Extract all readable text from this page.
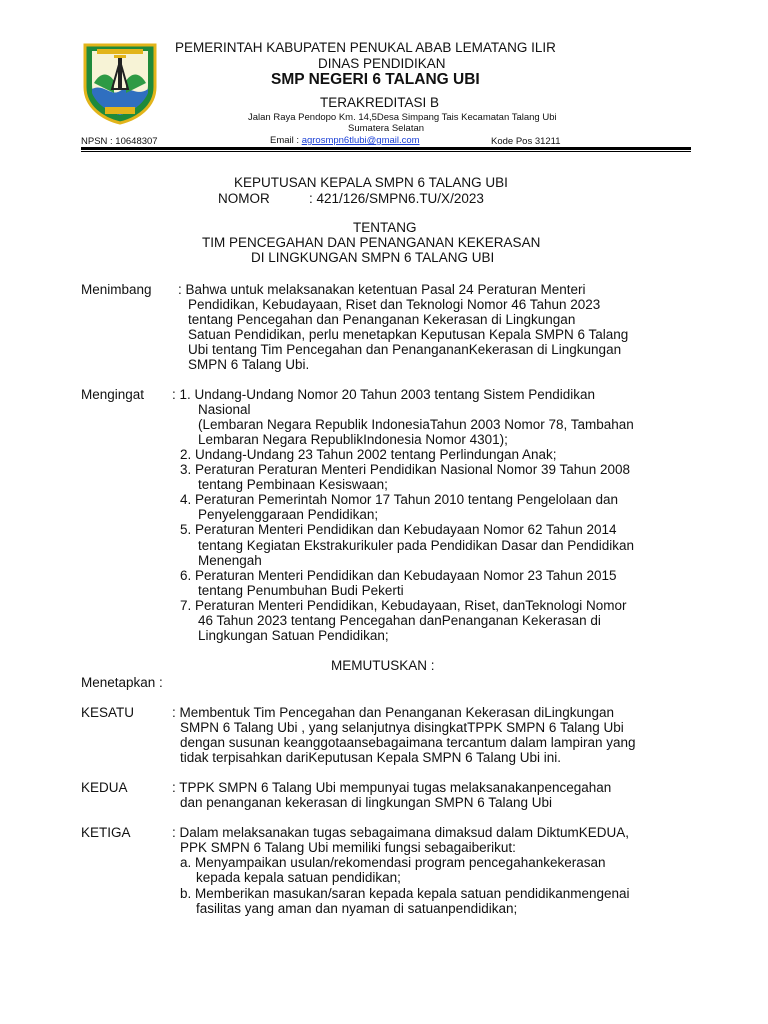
PEMERINTAH KABUPATEN PENUKAL ABAB LEMATANG ILIR
DINAS PENDIDIKAN
SMP NEGERI 6 TALANG UBI
TERAKREDITASI B
Jalan Raya Pendopo Km. 14,5Desa Simpang Tais Kecamatan Talang Ubi
Sumatera Selatan
NPSN : 10648307	Email : agrosmpn6tlubi@gmail.com	Kode Pos 31211
KEPUTUSAN KEPALA SMPN 6 TALANG UBI
NOMOR	: 421/126/SMPN6.TU/X/2023
TENTANG
TIM PENCEGAHAN DAN PENANGANAN KEKERASAN
DI LINGKUNGAN SMPN 6 TALANG UBI
Menimbang : Bahwa untuk melaksanakan ketentuan Pasal 24 Peraturan Menteri
Pendidikan, Kebudayaan, Riset dan Teknologi Nomor 46 Tahun 2023
tentang Pencegahan dan Penanganan Kekerasan di Lingkungan
Satuan Pendidikan, perlu menetapkan Keputusan Kepala SMPN 6 Talang
Ubi tentang Tim Pencegahan dan PenangananKekerasan di Lingkungan
SMPN 6 Talang Ubi.
Mengingat : 1. Undang-Undang Nomor 20 Tahun 2003 tentang Sistem Pendidikan
Nasional
(Lembaran Negara Republik IndonesiaTahun 2003 Nomor 78, Tambahan
Lembaran Negara RepublikIndonesia Nomor 4301);
2. Undang-Undang 23 Tahun 2002 tentang Perlindungan Anak;
3. Peraturan Peraturan Menteri Pendidikan Nasional Nomor 39 Tahun 2008
tentang Pembinaan Kesiswaan;
4. Peraturan Pemerintah Nomor 17 Tahun 2010 tentang Pengelolaan dan
Penyelenggaraan Pendidikan;
5. Peraturan Menteri Pendidikan dan Kebudayaan Nomor 62 Tahun 2014
tentang Kegiatan Ekstrakurikuler pada Pendidikan Dasar dan Pendidikan
Menengah
6. Peraturan Menteri Pendidikan dan Kebudayaan Nomor 23 Tahun 2015
tentang Penumbuhan Budi Pekerti
7. Peraturan Menteri Pendidikan, Kebudayaan, Riset, danTeknologi Nomor
46 Tahun 2023 tentang Pencegahan danPenanganan Kekerasan di
Lingkungan Satuan Pendidikan;
MEMUTUSKAN :
Menetapkan :
KESATU	: Membentuk Tim Pencegahan dan Penanganan Kekerasan diLingkungan
SMPN 6 Talang Ubi , yang selanjutnya disingkatTPPK SMPN 6 Talang Ubi
dengan susunan keanggotaansebagaimana tercantum dalam lampiran yang
tidak terpisahkan dariKeputusan Kepala SMPN 6 Talang Ubi ini.
KEDUA	: TPPK SMPN 6 Talang Ubi mempunyai tugas melaksanakanpencegahan
dan penanganan kekerasan di lingkungan SMPN 6 Talang Ubi
KETIGA	: Dalam melaksanakan tugas sebagaimana dimaksud dalam DiktumKEDUA,
PPK SMPN 6 Talang Ubi memiliki fungsi sebagaiberikut:
a. Menyampaikan usulan/rekomendasi program pencegahankekerasan
kepada kepala satuan pendidikan;
b. Memberikan masukan/saran kepada kepala satuan pendidikanmengenai
fasilitas yang aman dan nyaman di satuanpendidikan;
